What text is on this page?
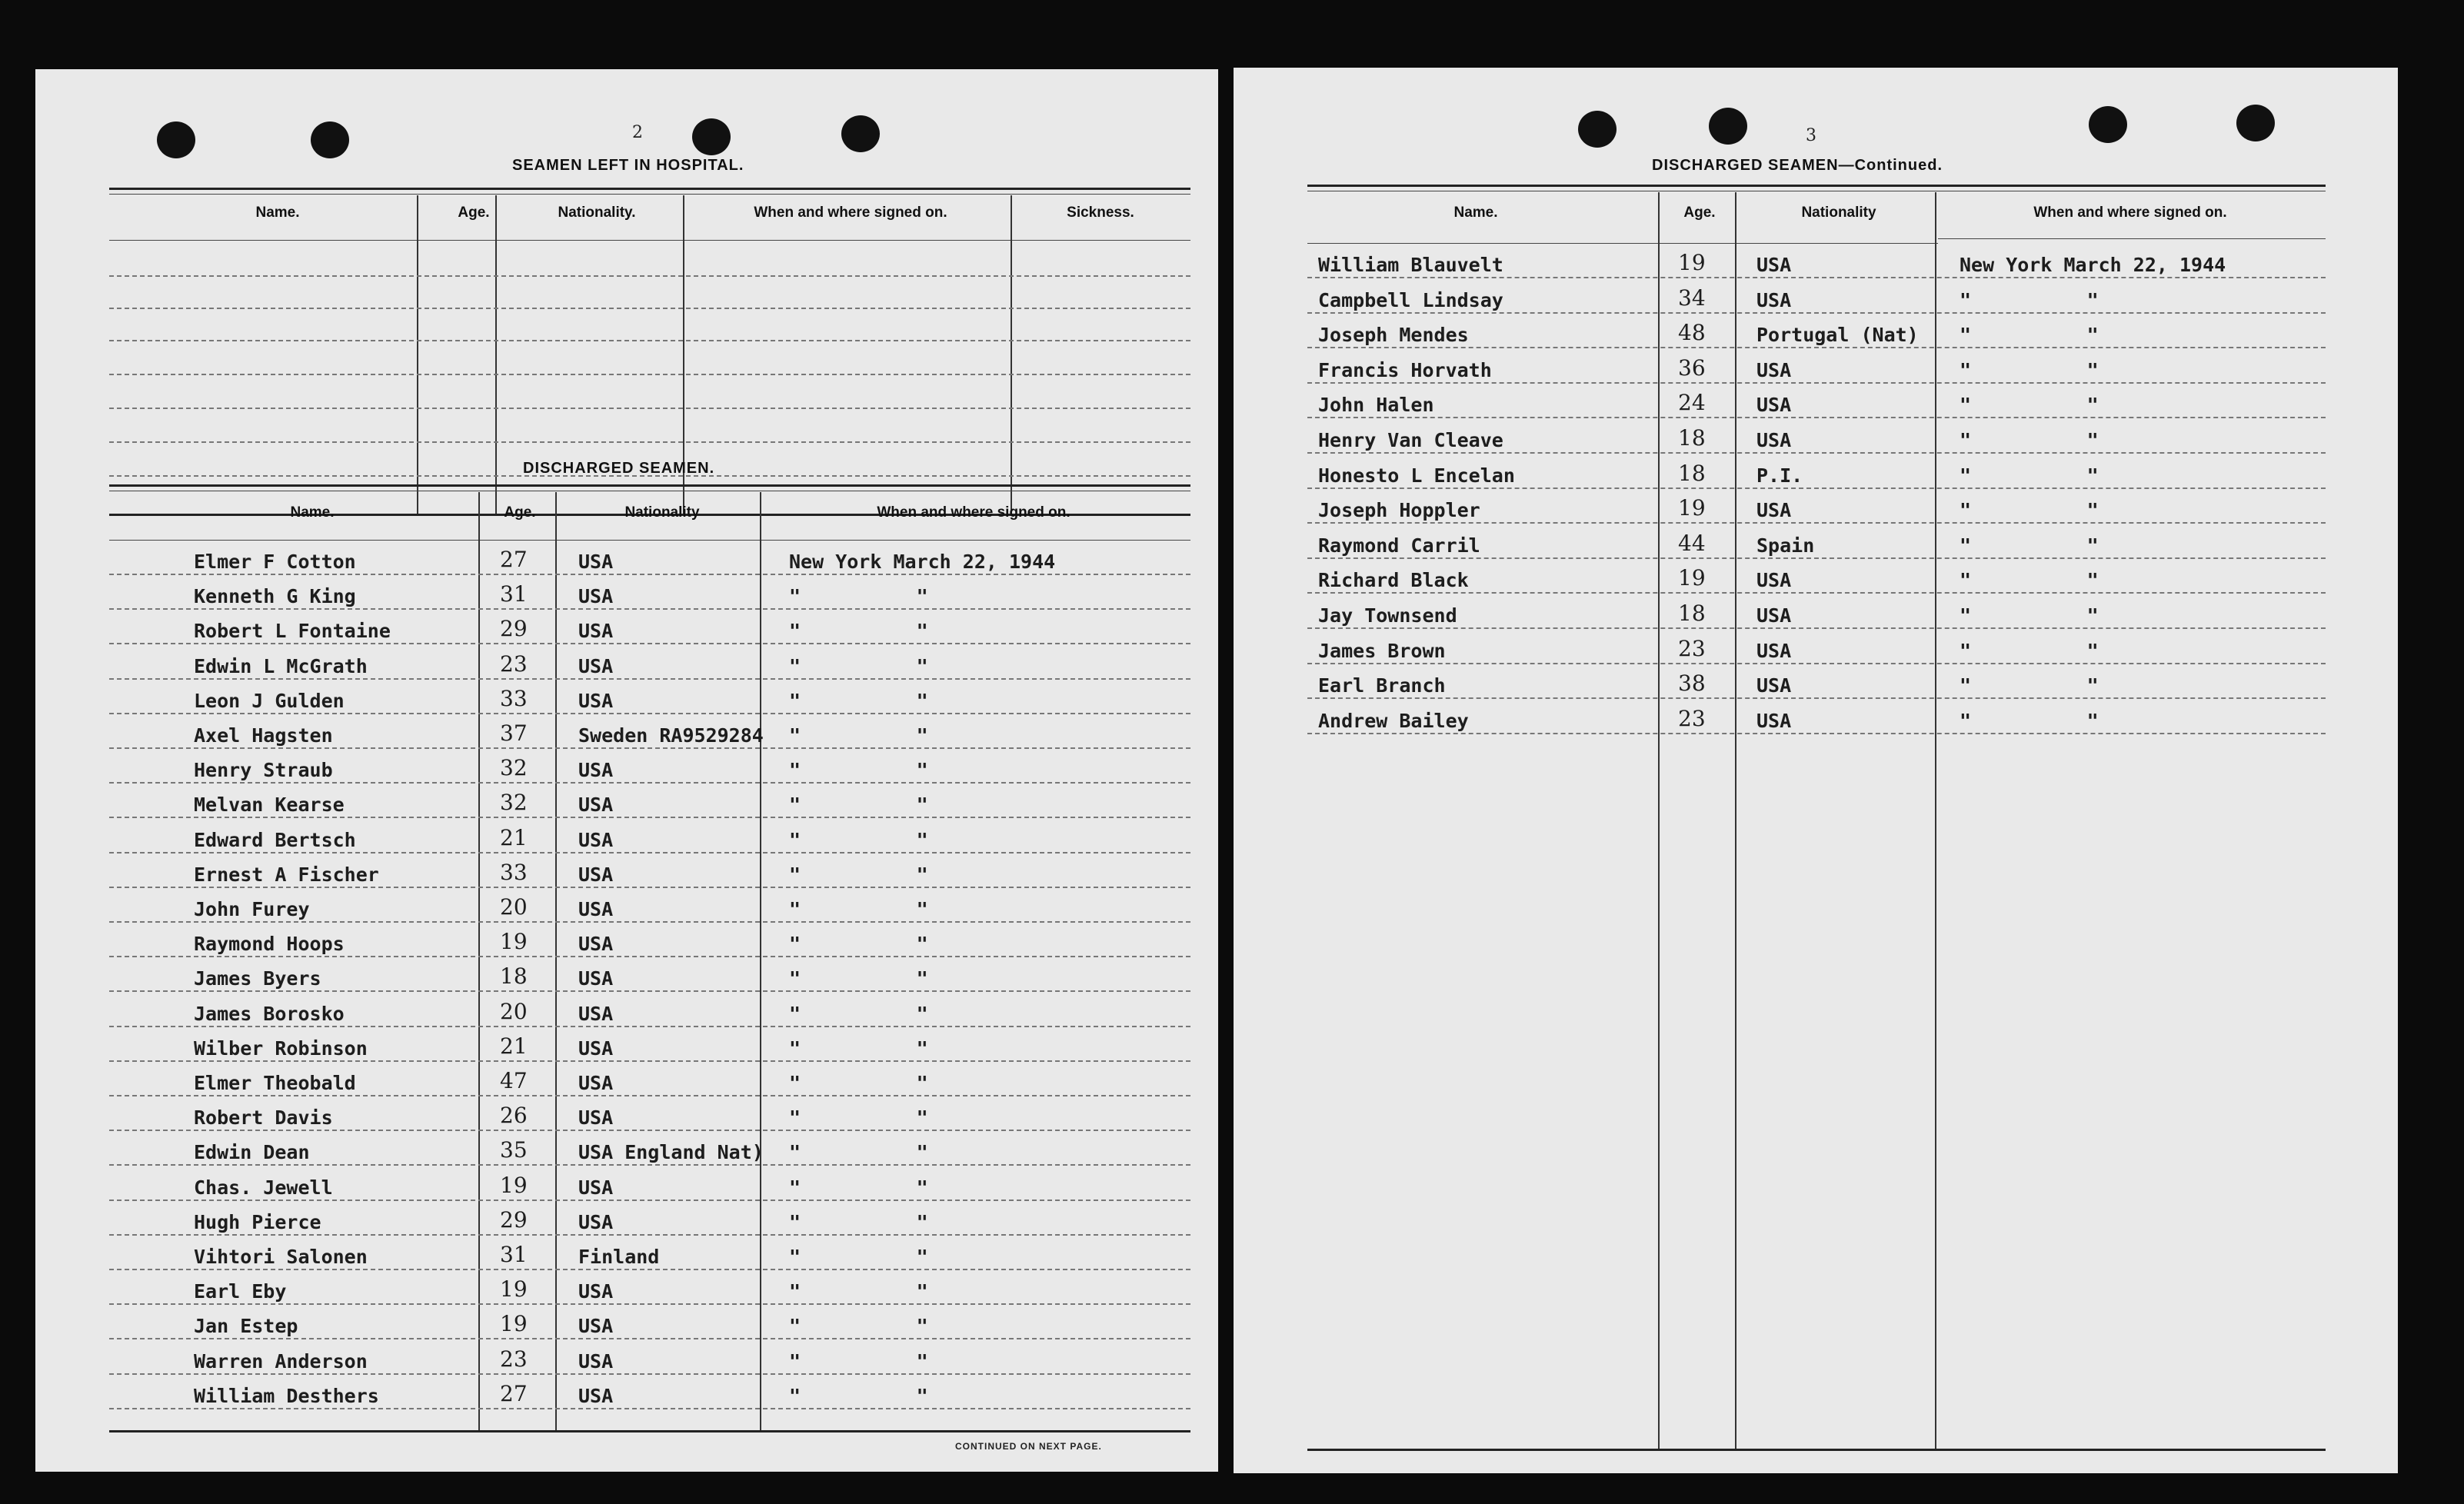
2
SEAMEN LEFT IN HOSPITAL.
Name.	Age.	Nationality.	When and where signed on.	Sickness.
DISCHARGED SEAMEN.
Name.	Age.	Nationality	When and where signed on.
Elmer F Cotton	27	USA	New York March 22, 1944
Kenneth G King	31	USA	"          "
Robert L Fontaine	29	USA	"          "
Edwin L McGrath	23	USA	"          "
Leon J Gulden	33	USA	"          "
Axel Hagsten	37	Sweden RA9529284 "          "
Henry Straub	32	USA	"          "
Melvan Kearse	32	USA	"          "
Edward Bertsch	21	USA	"          "
Ernest A Fischer	33	USA	"          "
John Furey	20	USA	"          "
Raymond Hoops	19	USA	"          "
James Byers	18	USA	"          "
James Borosko	20	USA	"          "
Wilber Robinson	21	USA	"          "
Elmer Theobald	47	USA	"          "
Robert Davis	26	USA	"          "
Edwin Dean	35	USA England Nat) "          "
Chas. Jewell	19	USA	"          "
Hugh Pierce	29	USA	"          "
Vihtori Salonen	31	Finland	"          "
Earl Eby	19	USA	"          "
Jan Estep	19	USA	"          "
Warren Anderson	23	USA	"          "
William Desthers	27	USA	"          "
CONTINUED ON NEXT PAGE.
3
DISCHARGED SEAMEN—Continued.
Name.	Age.	Nationality	When and where signed on.
William Blauvelt	19	USA	New York March 22, 1944
Campbell Lindsay	34	USA	"          "
Joseph Mendes	48	Portugal (Nat) "          "
Francis Horvath	36	USA	"          "
John Halen	24	USA	"          "
Henry Van Cleave	18	USA	"          "
Honesto L Encelan	18	P.I.	"          "
Joseph Hoppler	19	USA	"          "
Raymond Carril	44	Spain	"          "
Richard Black	19	USA	"          "
Jay Townsend	18	USA	"          "
James Brown	23	USA	"          "
Earl Branch	38	USA	"          "
Andrew Bailey	23	USA	"          "
